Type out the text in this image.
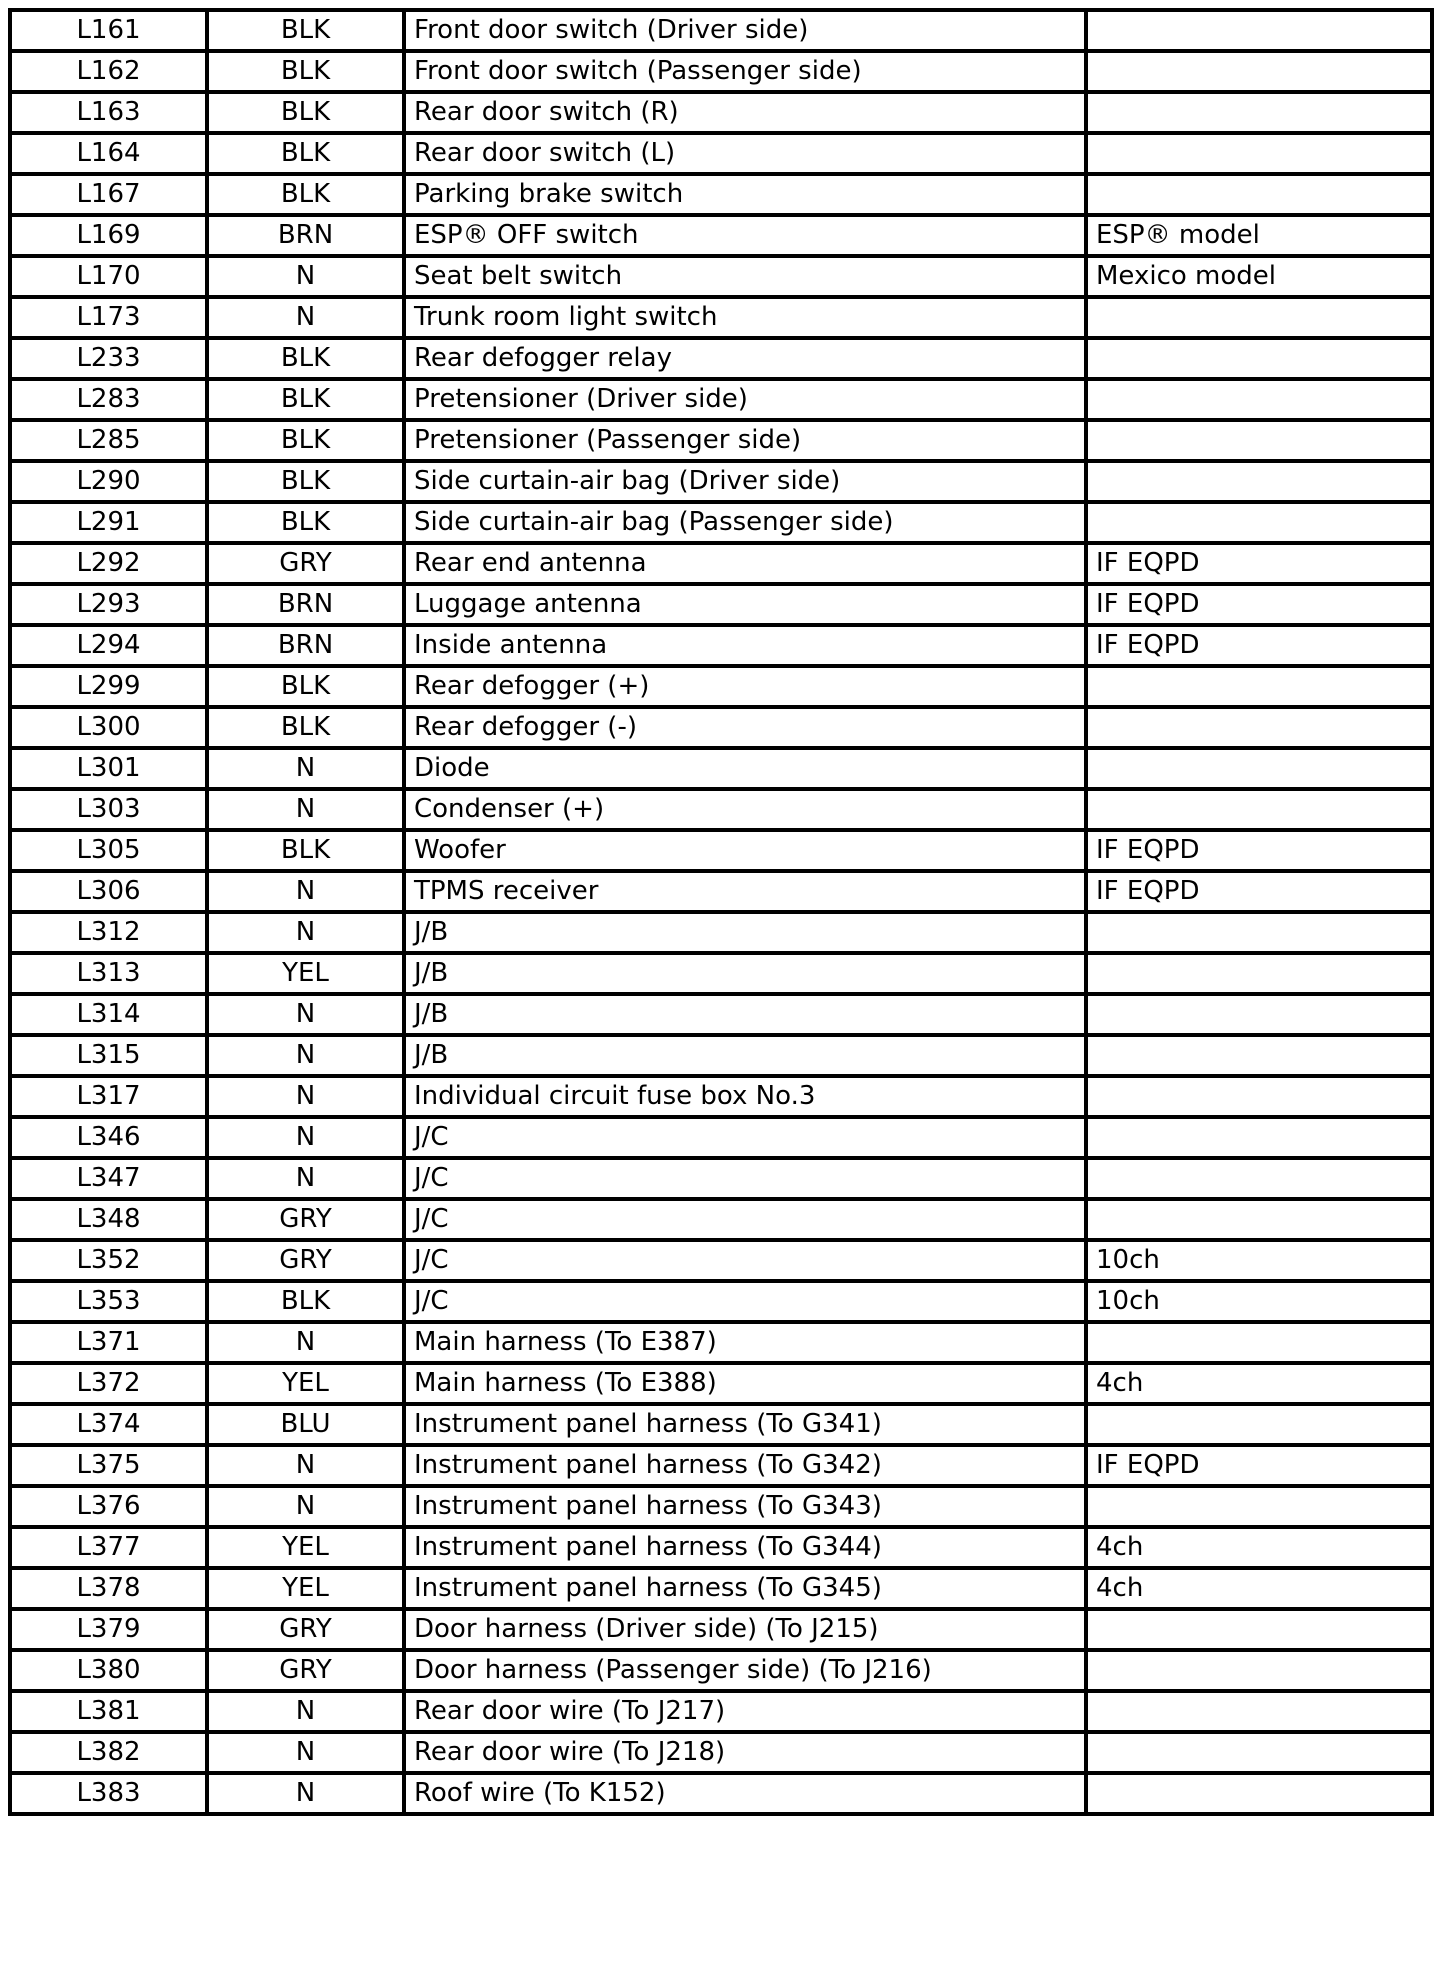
L161	BLK	Front door switch (Driver side)	
L162	BLK	Front door switch (Passenger side)	
L163	BLK	Rear door switch (R)	
L164	BLK	Rear door switch (L)	
L167	BLK	Parking brake switch	
L169	BRN	ESP® OFF switch	ESP® model
L170	N	Seat belt switch	Mexico model
L173	N	Trunk room light switch	
L233	BLK	Rear defogger relay	
L283	BLK	Pretensioner (Driver side)	
L285	BLK	Pretensioner (Passenger side)	
L290	BLK	Side curtain-air bag (Driver side)	
L291	BLK	Side curtain-air bag (Passenger side)	
L292	GRY	Rear end antenna	IF EQPD
L293	BRN	Luggage antenna	IF EQPD
L294	BRN	Inside antenna	IF EQPD
L299	BLK	Rear defogger (+)	
L300	BLK	Rear defogger (-)	
L301	N	Diode	
L303	N	Condenser (+)	
L305	BLK	Woofer	IF EQPD
L306	N	TPMS receiver	IF EQPD
L312	N	J/B	
L313	YEL	J/B	
L314	N	J/B	
L315	N	J/B	
L317	N	Individual circuit fuse box No.3	
L346	N	J/C	
L347	N	J/C	
L348	GRY	J/C	
L352	GRY	J/C	10ch
L353	BLK	J/C	10ch
L371	N	Main harness (To E387)	
L372	YEL	Main harness (To E388)	4ch
L374	BLU	Instrument panel harness (To G341)	
L375	N	Instrument panel harness (To G342)	IF EQPD
L376	N	Instrument panel harness (To G343)	
L377	YEL	Instrument panel harness (To G344)	4ch
L378	YEL	Instrument panel harness (To G345)	4ch
L379	GRY	Door harness (Driver side) (To J215)	
L380	GRY	Door harness (Passenger side) (To J216)	
L381	N	Rear door wire (To J217)	
L382	N	Rear door wire (To J218)	
L383	N	Roof wire (To K152)	
